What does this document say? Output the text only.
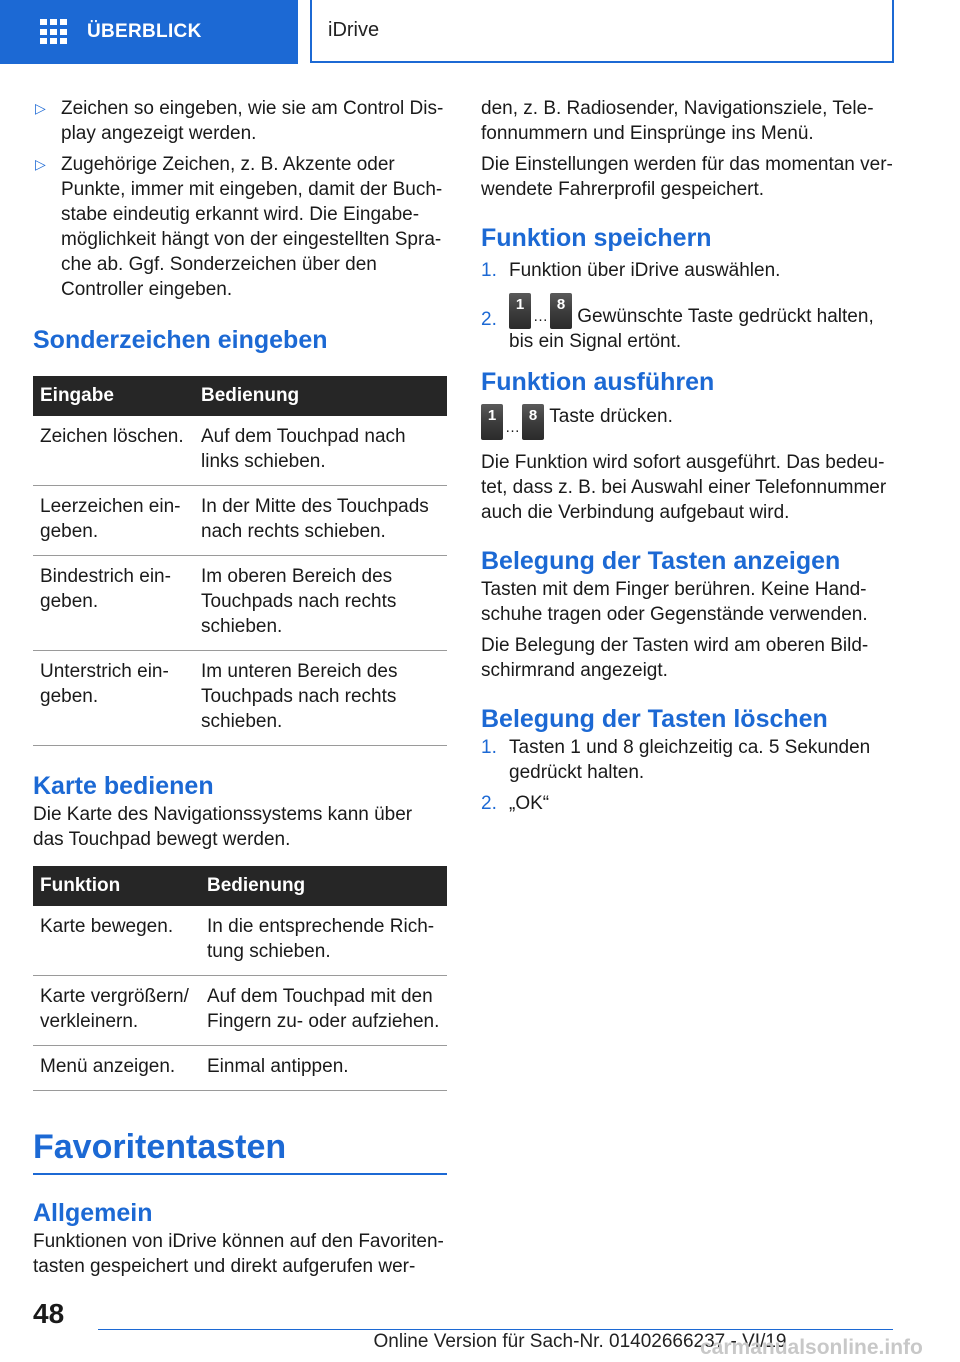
ÜBERBLICK	iDrive
▷ Zeichen so eingeben, wie sie am Control Dis‐ play angezeigt werden.
▷ Zugehörige Zeichen, z. B. Akzente oder Punkte, immer mit eingeben, damit der Buch‐ stabe eindeutig erkannt wird. Die Eingabe‐ möglichkeit hängt von der eingestellten Spra‐ che ab. Ggf. Sonderzeichen über den Controller eingeben.
Sonderzeichen eingeben
Eingabe	Bedienung
Zeichen löschen.	Auf dem Touchpad nach links schieben.
Leerzeichen ein‐ geben.	In der Mitte des Touchpads nach rechts schieben.
Bindestrich ein‐ geben.	Im oberen Bereich des Touchpads nach rechts schieben.
Unterstrich ein‐ geben.	Im unteren Bereich des Touchpads nach rechts schieben.
Karte bedienen

Die Karte des Navigationssystems kann über das Touchpad bewegt werden.

Funktion	Bedienung
Karte bewegen.	In die entsprechende Rich‐ tung schieben.
Karte vergrößern/ verkleinern.	Auf dem Touchpad mit den Fingern zu- oder aufziehen.
Menü anzeigen.	Einmal antippen.
Favoritentasten
Allgemein

Funktionen von iDrive können auf den Favoriten‐ tasten gespeichert und direkt aufgerufen wer‐

den, z. B. Radiosender, Navigationsziele, Tele‐ fonnummern und Einsprünge ins Menü.

Die Einstellungen werden für das momentan ver‐ wendete Fahrerprofil gespeichert.

Funktion speichern
1. Funktion über iDrive auswählen.
2.
1…8 Gewünschte Taste gedrückt halten, bis ein Signal ertönt.
Funktion ausführen

1…8 Taste drücken.

Die Funktion wird sofort ausgeführt. Das bedeu‐ tet, dass z. B. bei Auswahl einer Telefonnummer auch die Verbindung aufgebaut wird.

Belegung der Tasten anzeigen

Tasten mit dem Finger berühren. Keine Hand‐ schuhe tragen oder Gegenstände verwenden.

Die Belegung der Tasten wird am oberen Bild‐ schirmrand angezeigt.

Belegung der Tasten löschen
1. Tasten 1 und 8 gleichzeitig ca. 5 Sekunden gedrückt halten.
2. „OK“
48
Online Version für Sach-Nr. 01402666237 - VI/19
carmanualsonline.info
